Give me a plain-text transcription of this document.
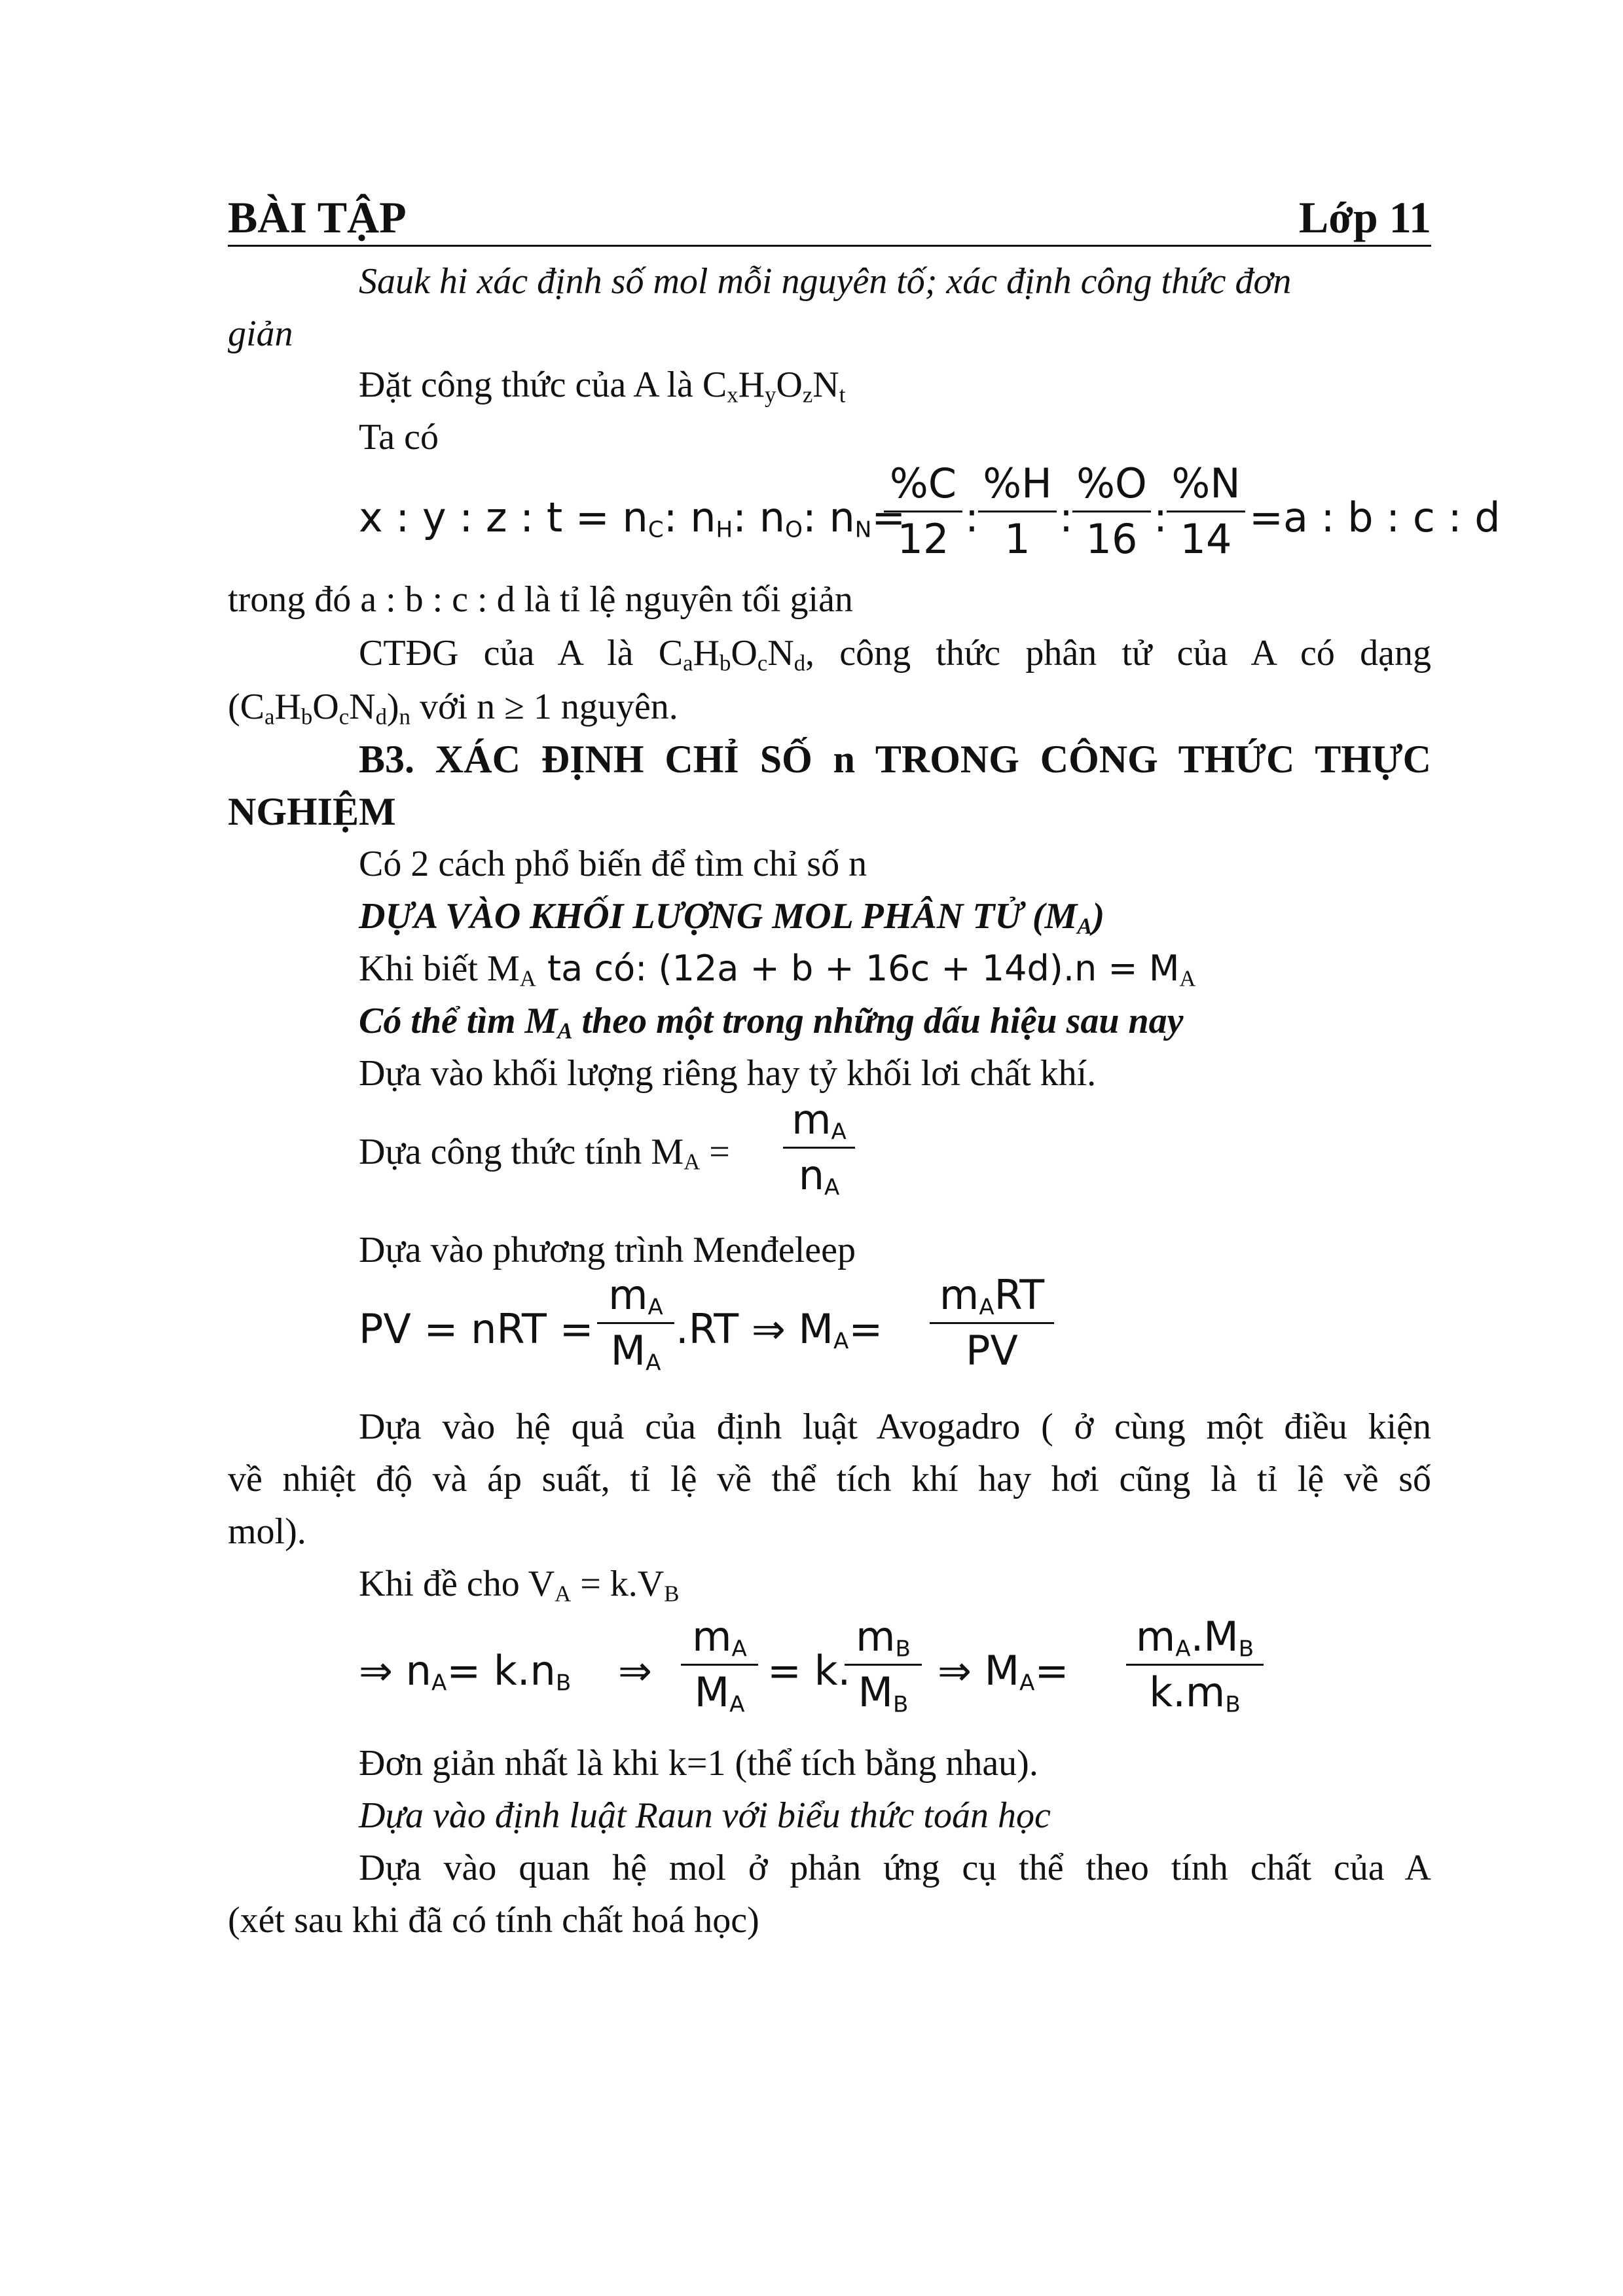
BÀI TẬP	Lớp 11
Sauk hi xác định số mol mỗi nguyên tố; xác định công thức đơn
giản
Đặt công thức của A là $C_xH_yO_zN_t$
Ta có
x : y : z : $t = n_C$: $n_H$: $n_O$: $n_N=$
$\frac{\%C}{12}$ : $\frac{\%H}{1}$ : $\frac{\%O}{16}$ : $\frac{\%N}{14} =a$ : b : c : d
trong đó a : b : c : d là tỉ lệ nguyên tối giản
CTĐG của A là $C_aH_bO_cN_d$, công thức phân tử của A có dạng
$(C_aH_bO_cN_d)_n$ với n ≥ 1 nguyên.
B3. XÁC ĐỊNH CHỈ SỐ n TRONG CÔNG THỨC THỰC
NGHIỆM
Có 2 cách phổ biến để tìm chỉ số n
DỰA VÀO KHỐI LƯỢNG MOL PHÂN TỬ $(M_A)$
Khi biết $M_A$ ta có: $(12a + b + 16c + 14d).n = M_A$
Có thể tìm $M_A$ theo một trong những dấu hiệu sau nay
Dựa vào khối lượng riêng hay tỷ khối lơi chất khí.
Dựa công thức tính $M_A = \frac{m_A}{n_A}$
Dựa vào phương trình Menđeleep
PV = nRT = $\frac{m_A}{M_A} .RT$ ⇒ $M_A=$
$m_ART$
PV
Dựa vào hệ quả của định luật Avogadro ( ở cùng một điều kiện
về nhiệt độ và áp suất, tỉ lệ về thể tích khí hay hơi cũng là tỉ lệ về số
mol).
Khi đề cho $V_A = k.V_B$
⇒ $n_A= k.n_B$ ⇒ $\frac{m_A}{M_A} = k$.
$\frac{m_B}{M_B}$ ⇒ $M_A= \frac{m_A.M_B}{k.m_B}$
Đơn giản nhất là khi k=1 (thể tích bằng nhau).
Dựa vào định luật Raun với biểu thức toán học
Dựa vào quan hệ mol ở phản ứng cụ thể theo tính chất của A
(xét sau khi đã có tính chất hoá học)
